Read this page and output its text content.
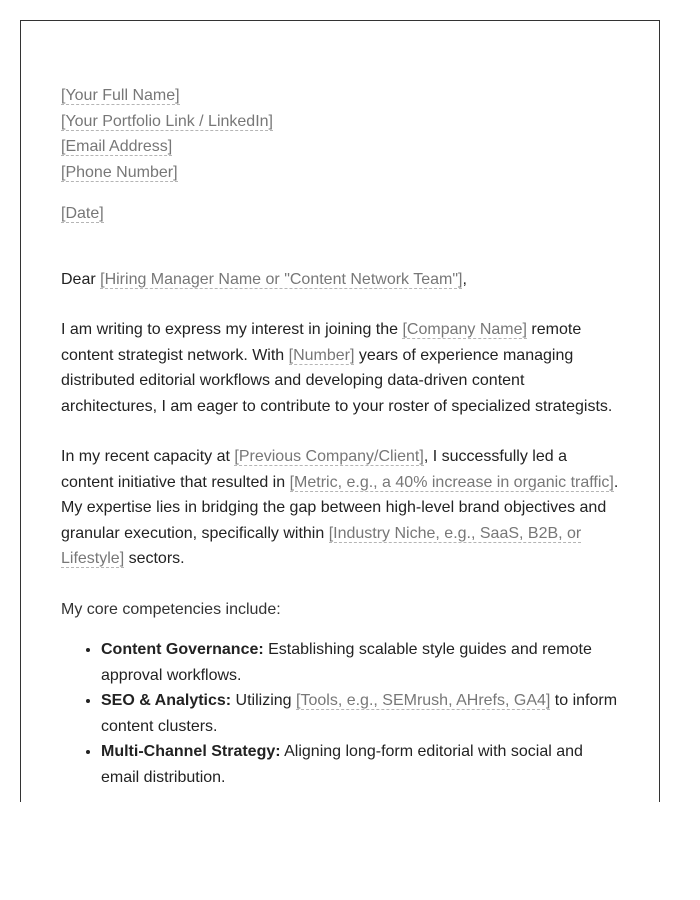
[Your Full Name]
[Your Portfolio Link / LinkedIn]
[Email Address]
[Phone Number]
[Date]

Dear [Hiring Manager Name or "Content Network Team"],

I am writing to express my interest in joining the [Company Name] remote content strategist network. With [Number] years of experience managing distributed editorial workflows and developing data-driven content architectures, I am eager to contribute to your roster of specialized strategists.

In my recent capacity at [Previous Company/Client], I successfully led a content initiative that resulted in [Metric, e.g., a 40% increase in organic traffic]. My expertise lies in bridging the gap between high-level brand objectives and granular execution, specifically within [Industry Niche, e.g., SaaS, B2B, or Lifestyle] sectors.

My core competencies include:

• Content Governance: Establishing scalable style guides and remote approval workflows.
• SEO & Analytics: Utilizing [Tools, e.g., SEMrush, AHrefs, GA4] to inform content clusters.
• Multi-Channel Strategy: Aligning long-form editorial with social and email distribution.
